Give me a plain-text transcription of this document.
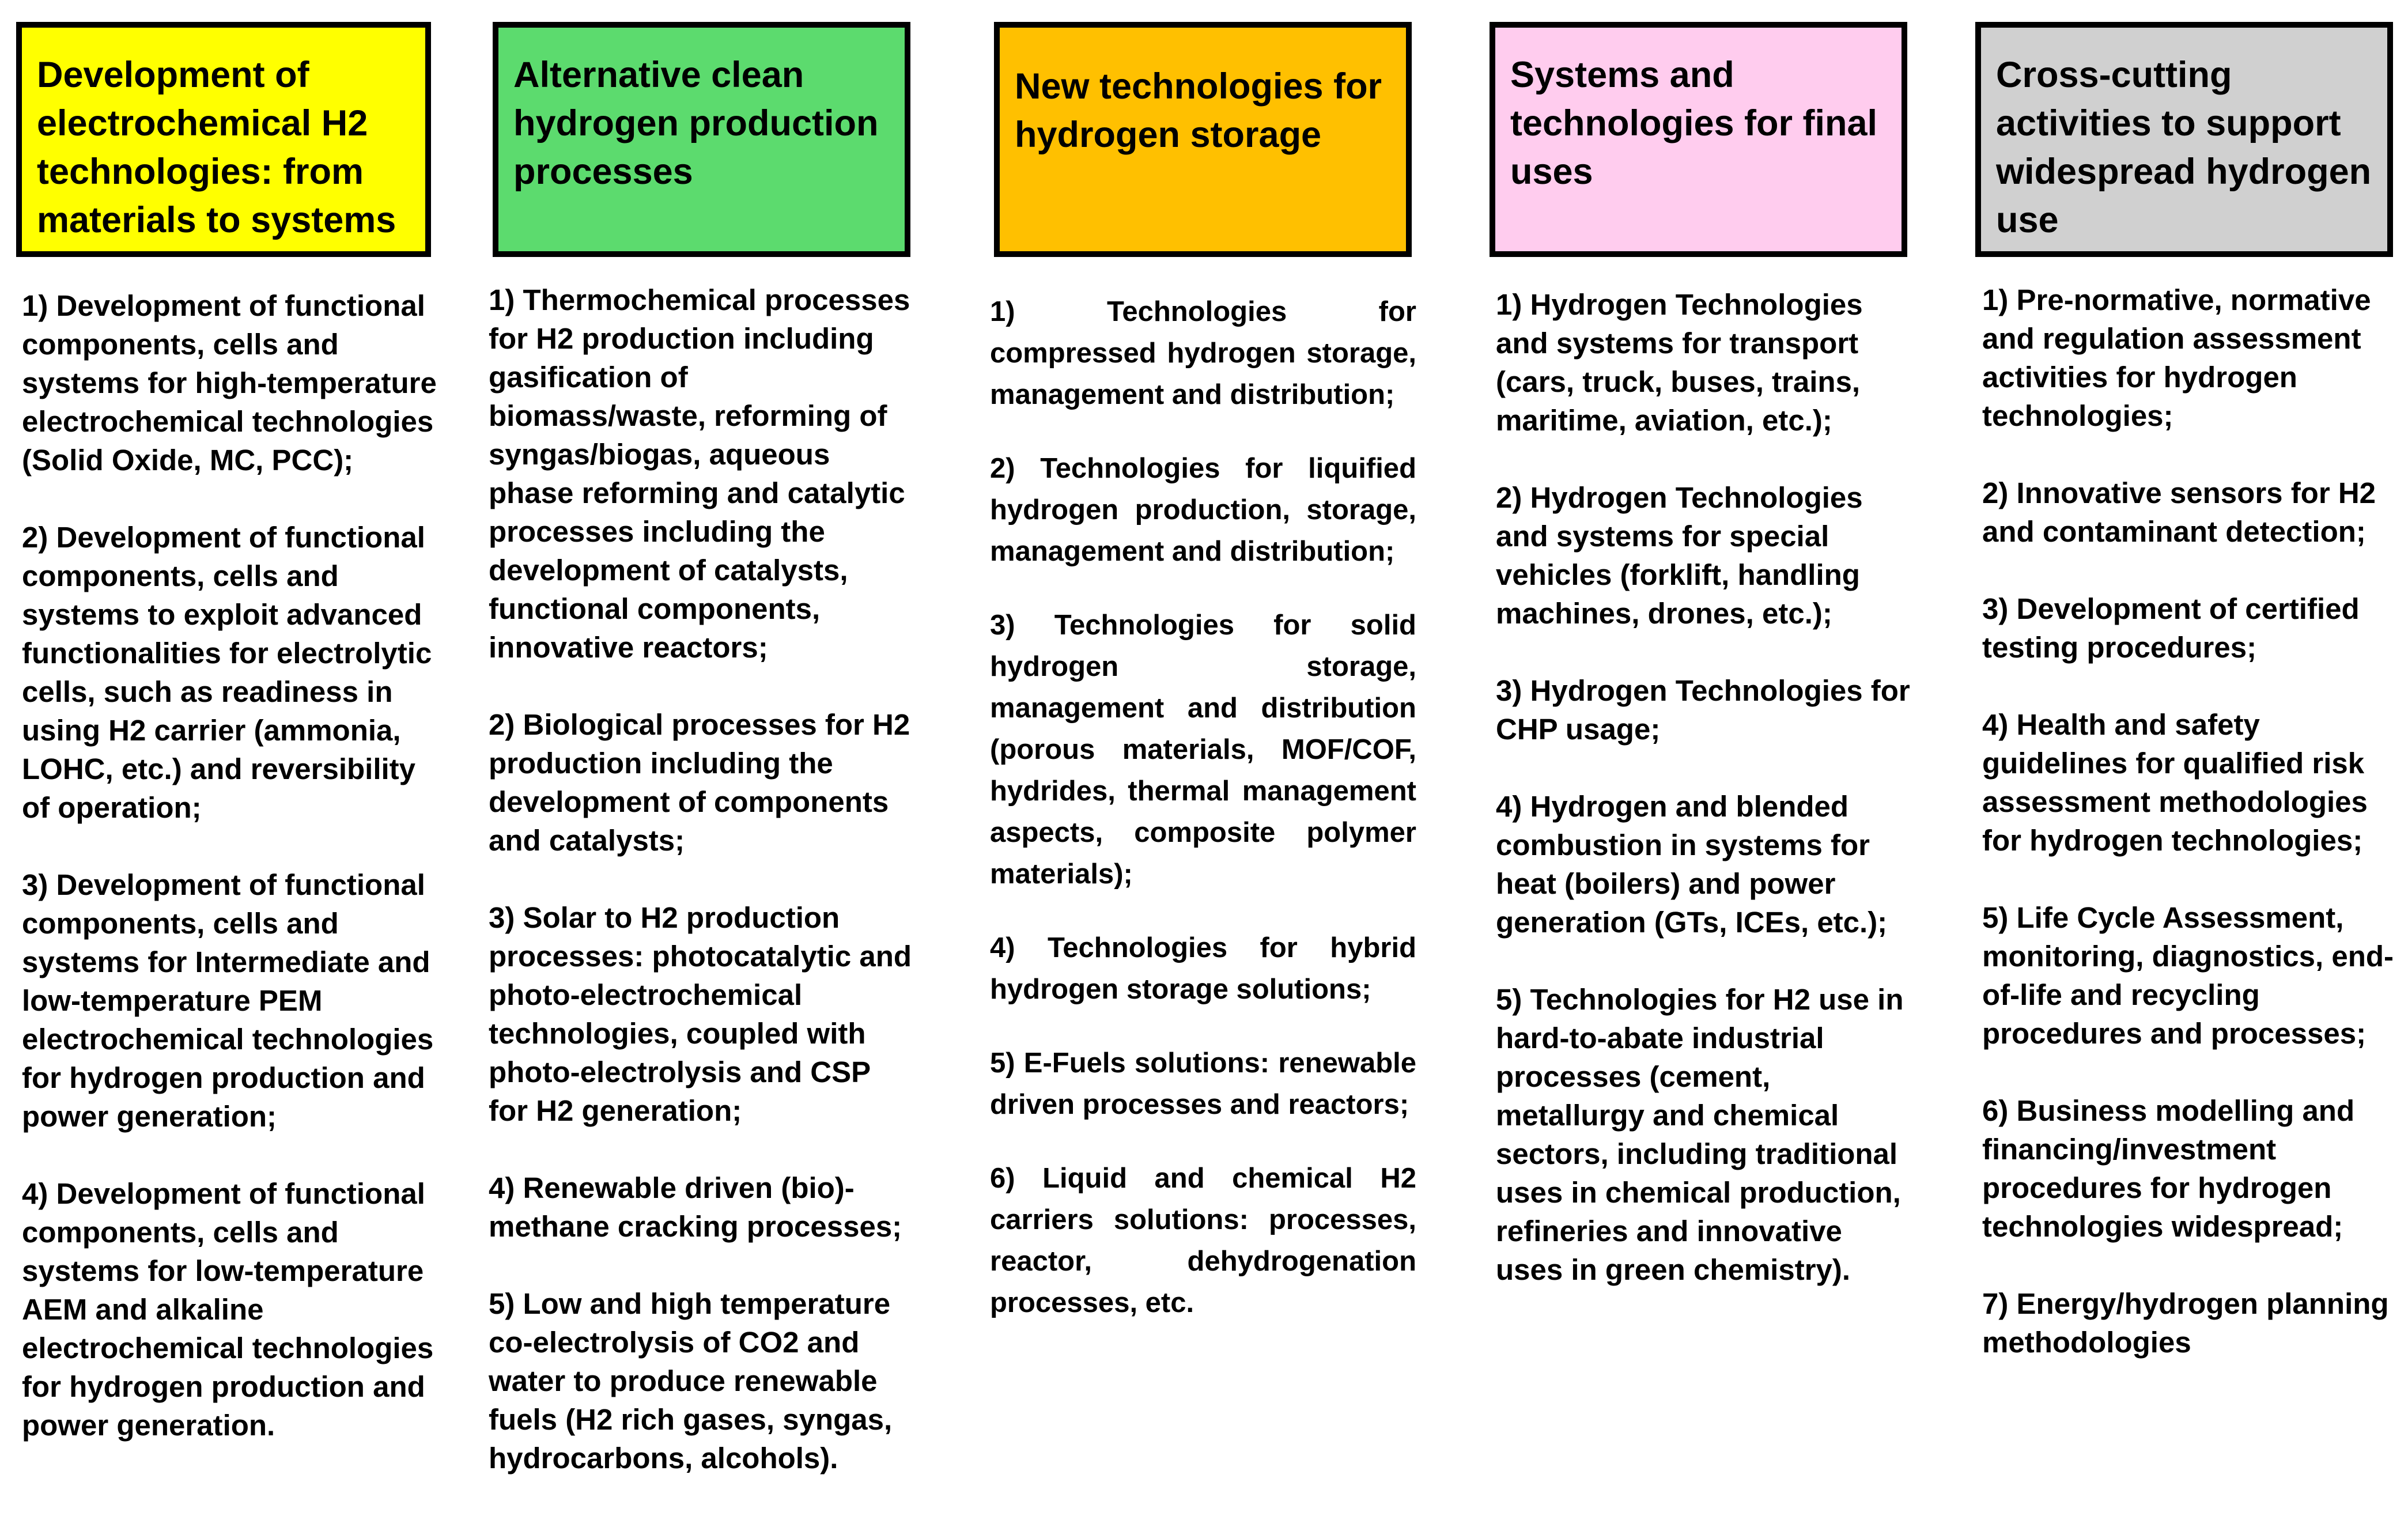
Development of electrochemical H2 technologies: from materials to systems

1) Development of functional components, cells and systems for high-temperature electrochemical technologies (Solid Oxide, MC, PCC);

2) Development of functional components, cells and systems to exploit advanced functionalities for electrolytic cells, such as readiness in using H2 carrier (ammonia, LOHC, etc.) and reversibility of operation;

3) Development of functional components, cells and systems for Intermediate and low-temperature PEM electrochemical technologies for hydrogen production and power generation;

4) Development of functional components, cells and systems for low-temperature AEM and alkaline electrochemical technologies for hydrogen production and power generation.

Alternative clean hydrogen production processes

1) Thermochemical processes for H2 production including gasification of biomass/waste, reforming of syngas/biogas, aqueous phase reforming and catalytic processes including the development of catalysts, functional components, innovative reactors;

2) Biological processes for H2 production including the development of components and catalysts;

3) Solar to H2 production processes: photocatalytic and photo-electrochemical technologies, coupled with photo-electrolysis and CSP for H2 generation;

4) Renewable driven (bio)-methane cracking processes;

5) Low and high temperature co-electrolysis of CO2 and water to produce renewable fuels (H2 rich gases, syngas, hydrocarbons, alcohols).

New technologies for hydrogen storage

1) Technologies for compressed hydrogen storage, management and distribution;

2) Technologies for liquified hydrogen production, storage, management and distribution;

3) Technologies for solid hydrogen storage, management and distribution (porous materials, MOF/COF, hydrides, thermal management aspects, composite polymer materials);

4) Technologies for hybrid hydrogen storage solutions;

5) E-Fuels solutions: renewable driven processes and reactors;

6) Liquid and chemical H2 carriers solutions: processes, reactor, dehydrogenation processes, etc.

Systems and technologies for final uses

1) Hydrogen Technologies and systems for transport (cars, truck, buses, trains, maritime, aviation, etc.);

2) Hydrogen Technologies and systems for special vehicles (forklift, handling machines, drones, etc.);

3) Hydrogen Technologies for CHP usage;

4) Hydrogen and blended combustion in systems for heat (boilers) and power generation (GTs, ICEs, etc.);

5) Technologies for H2 use in hard-to-abate industrial processes (cement, metallurgy and chemical sectors, including traditional uses in chemical production, refineries and innovative uses in green chemistry).

Cross-cutting activities to support widespread hydrogen use

1) Pre-normative, normative and regulation assessment activities for hydrogen technologies;

2) Innovative sensors for H2 and contaminant detection;

3) Development of certified testing procedures;

4) Health and safety guidelines for qualified risk assessment methodologies for hydrogen technologies;

5) Life Cycle Assessment, monitoring, diagnostics, end-of-life and recycling procedures and processes;

6) Business modelling and financing/investment procedures for hydrogen technologies widespread;

7) Energy/hydrogen planning methodologies
